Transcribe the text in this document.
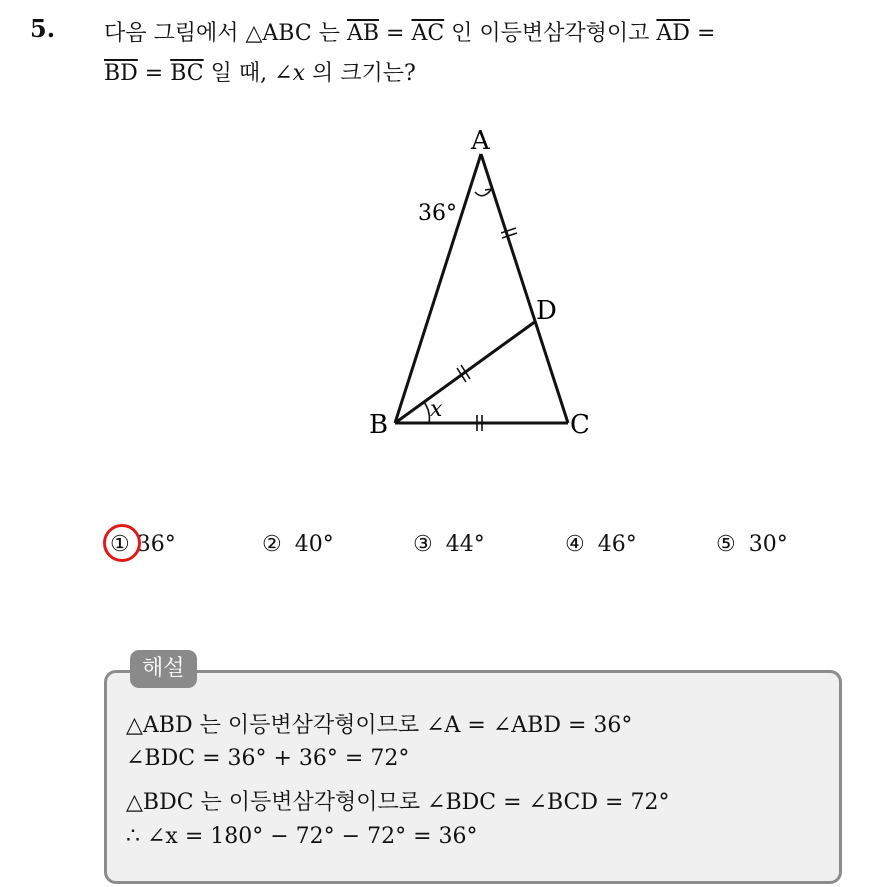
5. 다음 그림에서 △ABC 는 $\overline{AB} = \overline{AC}$ 인 이등변삼각형이고 $\overline{AD}$ =
$\overline{BD} = \overline{BC}$ 일 때, ∠x 의 크기는?
A
B	C
D
36°
x
① 36°	② 40°	③ 44°	④ 46°	⑤ 30°
해설
△ABD 는 이등변삼각형이므로 ∠A = ∠ABD = 36°
∠BDC = 36° + 36° = 72°
△BDC 는 이등변삼각형이므로 ∠BDC = ∠BCD = 72°
∴ ∠x = 180° − 72° − 72° = 36°
